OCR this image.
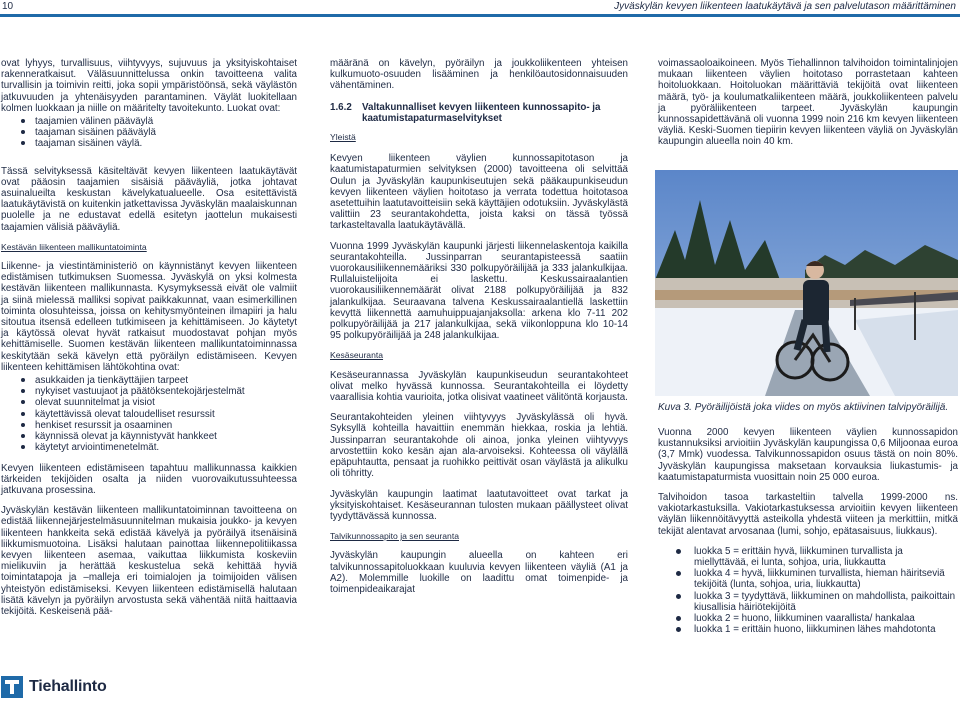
10	Jyväskylän kevyen liikenteen laatukäytävä ja sen palvelutason määrittäminen

ovat lyhyys, turvallisuus, viihtyvyys, sujuvuus ja yksityiskohtaiset rakenneratkaisut. Väläsuunnittelussa onkin tavoitteena valita turvallisin ja toimivin reitti, joka sopii ympäristöönsä, sekä väylästön jatkuvuuden ja yhtenäisyyden parantaminen. Väylät luokitellaan kolmen luokkaan ja niille on määritelty tavoitekunto. Luokat ovat:

taajamien välinen pääväylä
taajaman sisäinen pääväylä
taajaman sisäinen väylä.

Tässä selvityksessä käsiteltävät kevyen liikenteen laatukäytävät ovat pääosin taajamien sisäisiä pääväyliä, jotka johtavat asuinalueilta keskustan kävelykatualueelle. Osa esitettävistä laatukäytävistä on kuitenkin jatkettavissa Jyväskylän maalaiskunnan puolelle ja ne edustavat edellä esitetyn jaottelun mukaisesti taajamien välisiä pääväyliä.

Kestävän liikenteen mallikuntatoiminta

Liikenne- ja viestintäministeriö on käynnistänyt kevyen liikenteen edistämisen tutkimuksen Suomessa. Jyväskylä on yksi kolmesta kestävän liikenteen mallikunnasta. Kysymyksessä eivät ole valmiit ja siinä mielessä malliksi sopivat paikkakunnat, vaan esimerkillinen toiminta olosuhteissa, joissa on kehitysmyönteinen ilmapiiri ja halu sitoutua itsensä edelleen tutkimiseen ja kehittämiseen. Jo käytetyt ja käytössä olevat hyvät ratkaisut muodostavat pohjan myös kehittämiselle. Suomen kestävän liikenteen mallikuntatoiminnassa keskitytään sekä kävelyn että pyöräilyn edistämiseen. Kevyen liikenteen kehittämisen lähtökohtina ovat:

asukkaiden ja tienkäyttäjien tarpeet
nykyiset vastuujaot ja päätöksentekojärjestelmät
olevat suunnitelmat ja visiot
käytettävissä olevat taloudelliset resurssit
henkiset resurssit ja osaaminen
käynnissä olevat ja käynnistyvät hankkeet
käytetyt arviointimenetelmät.

Kevyen liikenteen edistämiseen tapahtuu mallikunnassa kaikkien tärkeiden tekijöiden osalta ja niiden vuorovaikutussuhteessa jatkuvana prosessina.

Jyväskylän kestävän liikenteen mallikuntatoiminnan tavoitteena on edistää liikennejärjestelmäsuunnitelman mukaisia joukko- ja kevyen liikenteen hankkeita sekä edistää kävelyä ja pyöräilyä itsenäisinä liikkumismuotoina. Lisäksi halutaan painottaa liikennepolitiikassa kevyen liikenteen asemaa, vaikuttaa liikkumista koskeviin mielikuviin ja herättää keskustelua sekä kehittää hyviä toimintatapoja ja –malleja eri toimialojen ja toimijoiden välisen yhteistyön edistämiseksi. Kevyen liikenteen edistämisellä halutaan lisätä kävelyn ja pyöräilyn arvostusta sekä vähentää niitä haittaavia tekijöitä. Keskeisenä pää-

määränä on kävelyn, pyöräilyn ja joukkoliikenteen yhteisen kulkumuoto-osuuden lisääminen ja henkilöautosidonnaisuuden vähentäminen.

1.6.2	Valtakunnalliset kevyen liikenteen kunnossapito- ja kaatumistapaturmaselvitykset
Yleistä

Kevyen liikenteen väylien kunnossapitotason ja kaatumistapaturmien selvityksen (2000) tavoitteena oli selvittää Oulun ja Jyväskylän kaupunkiseutujen sekä pääkaupunkiseudun kevyen liikenteen väylien hoitotaso ja verrata todettua hoitotasoa asetettuihin laatutavoitteisiin sekä käyttäjien odotuksiin. Jyväskylästä valittiin 23 seurantakohdetta, joista kaksi on tässä työssä tarkasteltavalla laatukäytävällä.

Vuonna 1999 Jyväskylän kaupunki järjesti liikennelaskentoja kaikilla seurantakohteilla. Jussinparran seurantapisteessä saatiin vuorokausiliikennemääriksi 330 polkupyöräilijää ja 333 jalankulkijaa. Rullaluistelijoita ei laskettu. Keskussairaalantien vuorokausiliikennemäärät olivat 2188 polkupyöräilijää ja 832 jalankulkijaa. Seuraavana talvena Keskussairaalantiellä laskettiin kevyttä liikennettä aamuhuippuajanjaksolla: arkena klo 7-11 202 polkupyöräilijää ja 217 jalankulkijaa, sekä viikonloppuna klo 10-14 95 polkupyöräilijää ja 248 jalankulkijaa.

Kesäseuranta

Kesäseurannassa Jyväskylän kaupunkiseudun seurantakohteet olivat melko hyvässä kunnossa. Seurantakohteilla ei löydetty vaarallisia kohtia vaurioita, jotka olisivat vaatineet välitöntä korjausta.

Seurantakohteiden yleinen viihtyvyys Jyväskylässä oli hyvä. Syksyllä kohteilla havaittiin enemmän hiekkaa, roskia ja lehtiä. Jussinparran seurantakohde oli ainoa, jonka yleinen viihtyvyys arvostettiin koko kesän ajan ala-arvoiseksi. Kohteessa oli väylällä epäpuhtautta, pensaat ja ruohikko peittivät osan väylästä ja alikulku oli töhritty.

Jyväskylän kaupungin laatimat laatutavoitteet ovat tarkat ja yksityiskohtaiset. Kesäseurannan tulosten mukaan päällysteet olivat tyydyttävässä kunnossa.

Talvikunnossapito ja sen seuranta

Jyväskylän kaupungin alueella on kahteen eri talvikunnossapitoluokkaan kuuluvia kevyen liikenteen väyliä (A1 ja A2). Molemmille luokille on laadittu omat toimenpide- ja toimenpideaikarajat

voimassaoloaikoineen. Myös Tiehallinnon talvihoidon toimintalinjojen mukaan liikenteen väylien hoitotaso porrastetaan kahteen hoitoluokkaan. Hoitoluokan määrittäviä tekijöitä ovat liikenteen määrä, työ- ja koulumatkaliikenteen määrä, joukkoliikenteen palvelu ja pyöräliikenteen tarpeet. Jyväskylän kaupungin kunnossapidettävänä oli vuonna 1999 noin 216 km kevyen liikenteen väyliä. Keski-Suomen tiepiirin kevyen liikenteen väyliä on Jyväskylän kaupungin alueella noin 40 km.

Kuva 3. Pyöräilijöistä joka viides on myös aktiivinen talvipyöräilijä.

Vuonna 2000 kevyen liikenteen väylien kunnossapidon kustannuksiksi arvioitiin Jyväskylän kaupungissa 0,6 Miljoonaa euroa (3,7 Mmk) vuodessa. Talvikunnossapidon osuus tästä on noin 80%. Jyväskylän kaupungissa maksetaan korvauksia liukastumis- ja kaatumistapaturmista vuosittain noin 25 000 euroa.

Talvihoidon tasoa tarkasteltiin talvella 1999-2000 ns. vakiotarkastuksilla. Vakiotarkastuksessa arvioitiin kevyen liikenteen väylän liikennöitävyyttä asteikolla yhdestä viiteen ja merkittiin, mitkä tekijät alentavat arvosanaa (lumi, sohjo, epätasaisuus, liukkaus).

luokka 5 = erittäin hyvä, liikkuminen turvallista ja miellyttävää, ei lunta, sohjoa, uria, liukkautta
luokka 4 = hyvä, liikkuminen turvallista, hieman häiritseviä tekijöitä (lunta, sohjoa, uria, liukkautta)
luokka 3 = tyydyttävä, liikkuminen on mahdollista, paikoittain kiusallisia häiriötekijöitä
luokka 2 = huono, liikkuminen vaarallista/ hankalaa
luokka 1 = erittäin huono, liikkuminen lähes mahdotonta
Tiehallinto
